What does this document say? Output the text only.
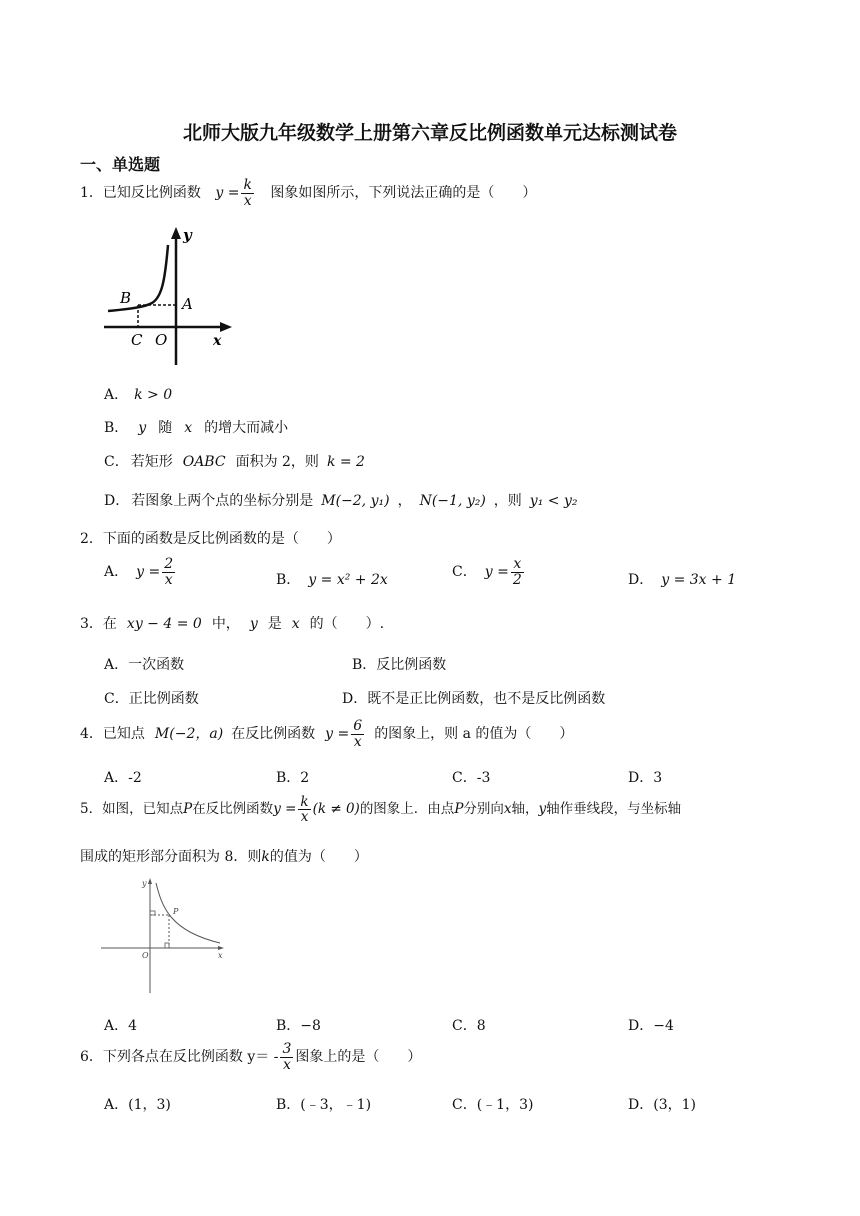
北师大版九年级数学上册第六章反比例函数单元达标测试卷
一、单选题
1．已知反比例函数 $y = \frac{k}{x}$ 图象如图所示，下列说法正确的是（　　）
y
x
A
B
C O
A． k > 0
B． y 随 x 的增大而减小
C． 若矩形 OABC 面积为 2，则 k = 2
D． 若图象上两个点的坐标分别是 M(−2, y₁) ， N(−1, y₂) ，则 y₁ < y₂
2．下面的函数是反比例函数的是（　　）
A． $y = \frac{2}{x}$	B． y = x² + 2x	C． $y = \frac{x}{2}$	D． y = 3x + 1
3．在 xy − 4 = 0 中， y 是 x 的（　　）.
A．一次函数	B．反比例函数
C．正比例函数	D．既不是正比例函数，也不是反比例函数
4．已知点 M(−2，a) 在反比例函数 $y = \frac{6}{x}$ 的图象上，则 a 的值为（　　）
A．-2	B．2	C．-3	D．3
5．如图，已知点P在反比例函数$y = \frac{k}{x} (k \ne 0)$的图象上．由点P分别向x轴，y轴作垂线段，与坐标轴
围成的矩形部分面积为 8．则k的值为（　　）
y
x
P
O
A．4	B．−8	C．8	D．−4
6．下列各点在反比例函数 $y= - \frac{3}{x}$ 图象上的是（　　）
A．(1，3)	B．(﹣3，﹣1)	C．(﹣1，3)	D．(3，1)
